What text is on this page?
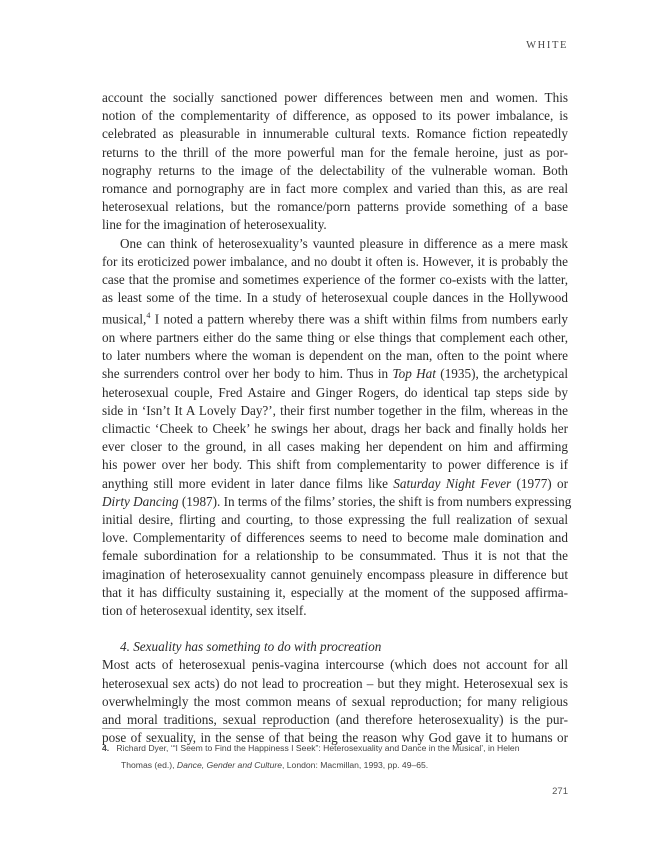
WHITE
account the socially sanctioned power differences between men and women. This
notion of the complementarity of difference, as opposed to its power imbalance, is
celebrated as pleasurable in innumerable cultural texts. Romance fiction repeatedly
returns to the thrill of the more powerful man for the female heroine, just as por-
nography returns to the image of the delectability of the vulnerable woman. Both
romance and pornography are in fact more complex and varied than this, as are real
heterosexual relations, but the romance/porn patterns provide something of a base
line for the imagination of heterosexuality.
One can think of heterosexuality’s vaunted pleasure in difference as a mere mask
for its eroticized power imbalance, and no doubt it often is. However, it is probably the
case that the promise and sometimes experience of the former co-exists with the latter,
as least some of the time. In a study of heterosexual couple dances in the Hollywood
musical,$^4$ I noted a pattern whereby there was a shift within films from numbers early
on where partners either do the same thing or else things that complement each other,
to later numbers where the woman is dependent on the man, often to the point where
she surrenders control over her body to him. Thus in Top Hat (1935), the archetypical
heterosexual couple, Fred Astaire and Ginger Rogers, do identical tap steps side by
side in ‘Isn’t It A Lovely Day?’, their first number together in the film, whereas in the
climactic ‘Cheek to Cheek’ he swings her about, drags her back and finally holds her
ever closer to the ground, in all cases making her dependent on him and affirming
his power over her body. This shift from complementarity to power difference is if
anything still more evident in later dance films like Saturday Night Fever (1977) or
Dirty Dancing (1987). In terms of the films’ stories, the shift is from numbers expressing
initial desire, flirting and courting, to those expressing the full realization of sexual
love. Complementarity of differences seems to need to become male domination and
female subordination for a relationship to be consummated. Thus it is not that the
imagination of heterosexuality cannot genuinely encompass pleasure in difference but
that it has difficulty sustaining it, especially at the moment of the supposed affirma-
tion of heterosexual identity, sex itself.
4. Sexuality has something to do with procreation
Most acts of heterosexual penis-vagina intercourse (which does not account for all
heterosexual sex acts) do not lead to procreation – but they might. Heterosexual sex is
overwhelmingly the most common means of sexual reproduction; for many religious
and moral traditions, sexual reproduction (and therefore heterosexuality) is the pur-
pose of sexuality, in the sense of that being the reason why God gave it to humans or
4. Richard Dyer, ‘“I Seem to Find the Happiness I Seek”: Heterosexuality and Dance in the Musical’, in Helen
Thomas (ed.), Dance, Gender and Culture, London: Macmillan, 1993, pp. 49–65.
271
